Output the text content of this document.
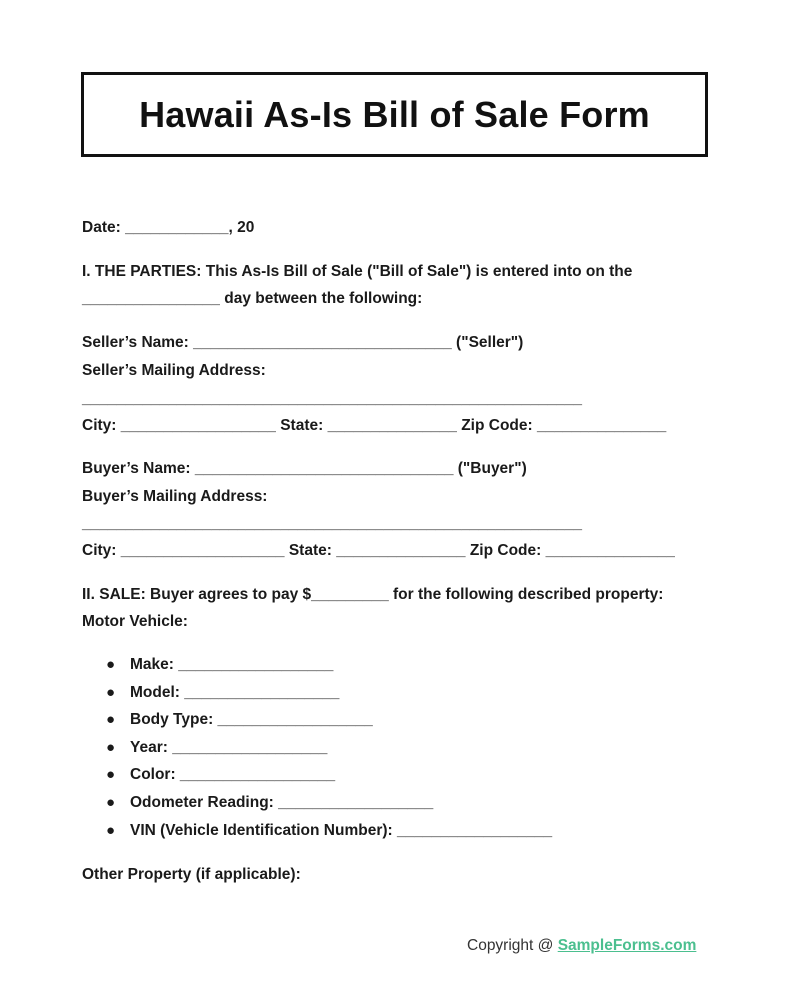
Hawaii As-Is Bill of Sale Form
Date: ____________, 20
I. THE PARTIES: This As-Is Bill of Sale ("Bill of Sale") is entered into on the
________________ day between the following:
Seller’s Name: ______________________________ ("Seller")
Seller’s Mailing Address:
__________________________________________________________
City: __________________ State: _______________ Zip Code: _______________
Buyer’s Name: ______________________________ ("Buyer")
Buyer’s Mailing Address:
__________________________________________________________
City: ___________________ State: _______________ Zip Code: _______________
II. SALE: Buyer agrees to pay $_________ for the following described property:
Motor Vehicle:
● Make: __________________
● Model: __________________
● Body Type: __________________
● Year: __________________
● Color: __________________
● Odometer Reading: __________________
● VIN (Vehicle Identification Number): __________________
Other Property (if applicable):
Copyright @ SampleForms.com
